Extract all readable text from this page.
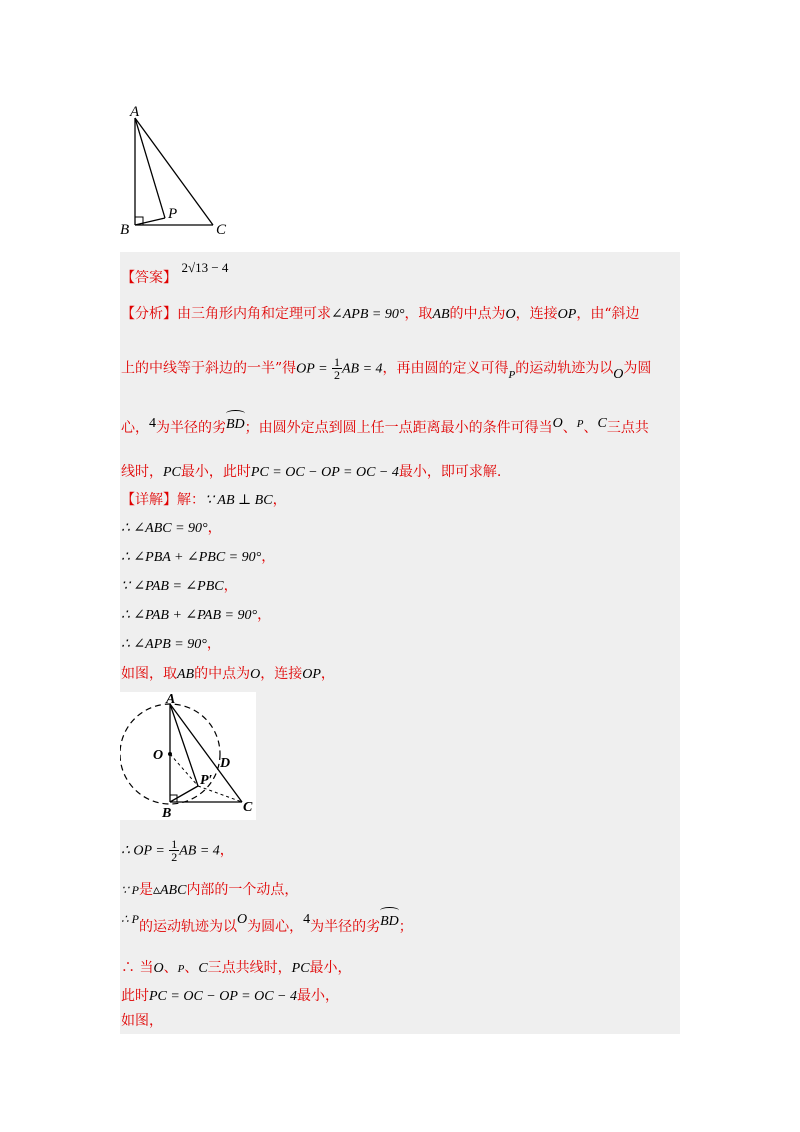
A
B	C
P
【答案】 2√13 − 4
【分析】由三角形内角和定理可求∠APB = 90°，取AB的中点为O，连接OP，由“斜边
上的中线等于斜边的一半”得OP = $\frac{1}{2}$ AB = 4，再由圆的定义可得$_P$的运动轨迹为以O为圆
心，4为半径的劣BD；由圆外定点到圆上任一点距离最小的条件可得当O、$^P$、C三点共
线时，PC最小，此时PC = OC − OP = OC − 4最小，即可求解.
【详解】解：∵ AB ⊥ BC，
∴ ∠ABC = 90°，
∴ ∠PBA + ∠PBC = 90°，
∵ ∠PAB = ∠PBC，
∴ ∠PAB + ∠PAB = 90°，
∴ ∠APB = 90°，
如图，取AB的中点为O，连接OP，
A
O
D
P′
B	C
∴ OP = $\frac{1}{2}$ AB = 4，
∵ P是▵ABC内部的一个动点，
∴ P的运动轨迹为以O为圆心，4为半径的劣BD；
∴ 当O、P、C三点共线时，PC最小，
此时PC = OC − OP = OC − 4最小，
如图，
